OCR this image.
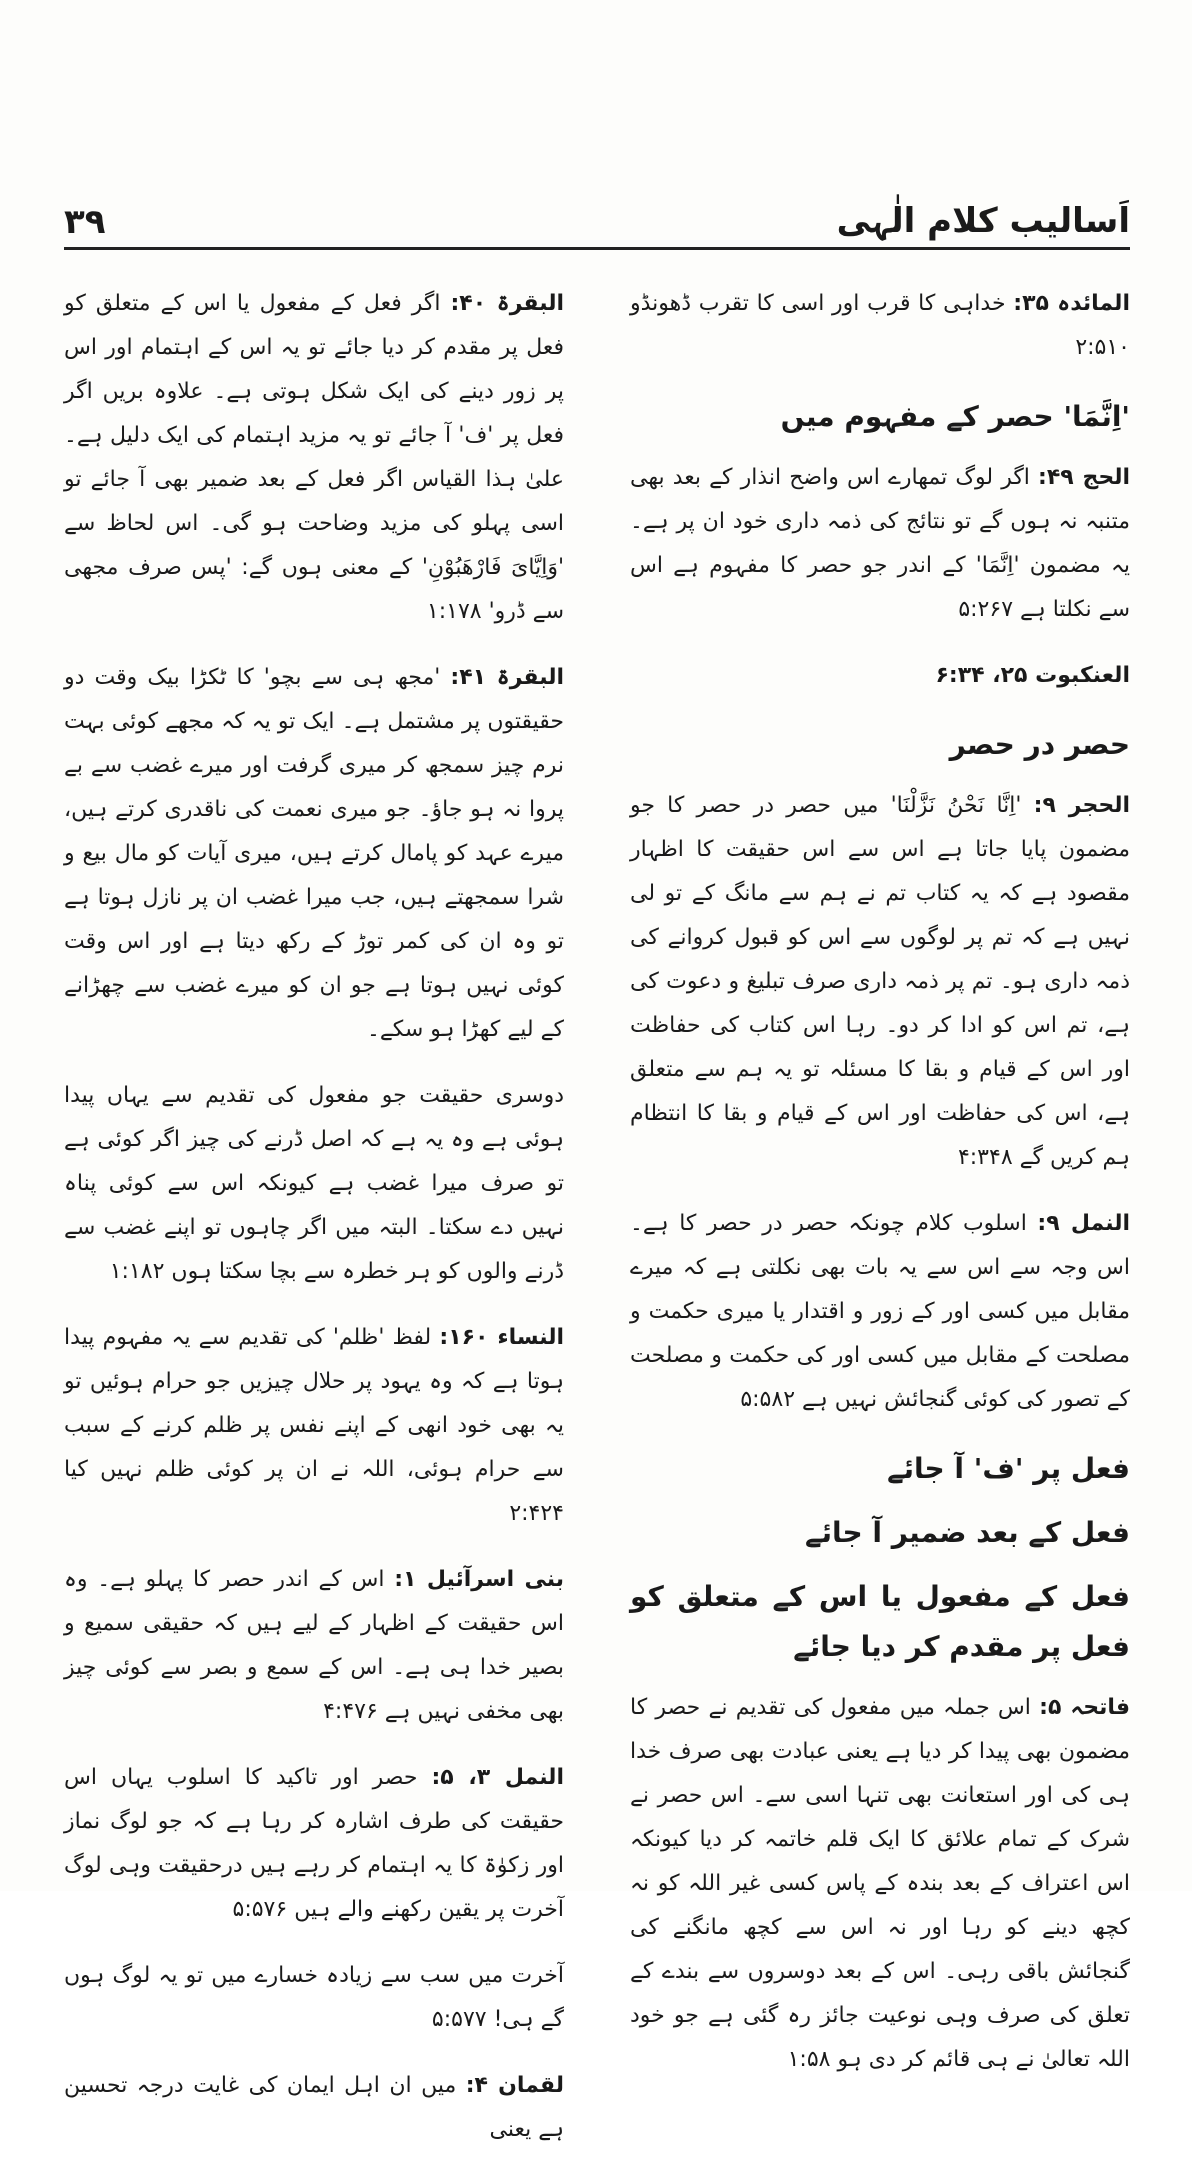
۳۹	اَسالیب کلام الٰہی

المائدہ ۳۵: خداہی کا قرب اور اسی کا تقرب ڈھونڈو ۲:۵۱۰

'اِنَّمَا' حصر کے مفہوم میں

الحج ۴۹: اگر لوگ تمھارے اس واضح انذار کے بعد بھی متنبہ نہ ہوں گے تو نتائج کی ذمہ داری خود ان پر ہے۔ یہ مضمون 'اِنَّمَا' کے اندر جو حصر کا مفہوم ہے اس سے نکلتا ہے ۵:۲۶۷

العنکبوت ۲۵، ۶:۳۴

حصر در حصر

الحجر ۹: 'اِنَّا نَحْنُ نَزَّلْنَا' میں حصر در حصر کا جو مضمون پایا جاتا ہے اس سے اس حقیقت کا اظہار مقصود ہے کہ یہ کتاب تم نے ہم سے مانگ کے تو لی نہیں ہے کہ تم پر لوگوں سے اس کو قبول کروانے کی ذمہ داری ہو۔ تم پر ذمہ داری صرف تبلیغ و دعوت کی ہے، تم اس کو ادا کر دو۔ رہا اس کتاب کی حفاظت اور اس کے قیام و بقا کا مسئلہ تو یہ ہم سے متعلق ہے، اس کی حفاظت اور اس کے قیام و بقا کا انتظام ہم کریں گے ۴:۳۴۸

النمل ۹: اسلوب کلام چونکہ حصر در حصر کا ہے۔ اس وجہ سے اس سے یہ بات بھی نکلتی ہے کہ میرے مقابل میں کسی اور کے زور و اقتدار یا میری حکمت و مصلحت کے مقابل میں کسی اور کی حکمت و مصلحت کے تصور کی کوئی گنجائش نہیں ہے ۵:۵۸۲

فعل پر 'ف' آ جائے
فعل کے بعد ضمیر آ جائے
فعل کے مفعول یا اس کے متعلق کو فعل پر مقدم کر دیا جائے

فاتحہ ۵: اس جملہ میں مفعول کی تقدیم نے حصر کا مضمون بھی پیدا کر دیا ہے یعنی عبادت بھی صرف خدا ہی کی اور استعانت بھی تنہا اسی سے۔ اس حصر نے شرک کے تمام علائق کا ایک قلم خاتمہ کر دیا کیونکہ اس اعتراف کے بعد بندہ کے پاس کسی غیر اللہ کو نہ کچھ دینے کو رہا اور نہ اس سے کچھ مانگنے کی گنجائش باقی رہی۔ اس کے بعد دوسروں سے بندے کے تعلق کی صرف وہی نوعیت جائز رہ گئی ہے جو خود اللہ تعالیٰ نے ہی قائم کر دی ہو ۱:۵۸

البقرۃ ۴۰: اگر فعل کے مفعول یا اس کے متعلق کو فعل پر مقدم کر دیا جائے تو یہ اس کے اہتمام اور اس پر زور دینے کی ایک شکل ہوتی ہے۔ علاوہ بریں اگر فعل پر 'ف' آ جائے تو یہ مزید اہتمام کی ایک دلیل ہے۔ علیٰ ہذا القیاس اگر فعل کے بعد ضمیر بھی آ جائے تو اسی پہلو کی مزید وضاحت ہو گی۔ اس لحاظ سے 'وَاِیَّایَ فَارْھَبُوْنِ' کے معنی ہوں گے: 'پس صرف مجھی سے ڈرو' ۱:۱۷۸

البقرۃ ۴۱: 'مجھ ہی سے بچو' کا ٹکڑا بیک وقت دو حقیقتوں پر مشتمل ہے۔ ایک تو یہ کہ مجھے کوئی بہت نرم چیز سمجھ کر میری گرفت اور میرے غضب سے بے پروا نہ ہو جاؤ۔ جو میری نعمت کی ناقدری کرتے ہیں، میرے عہد کو پامال کرتے ہیں، میری آیات کو مال بیع و شرا سمجھتے ہیں، جب میرا غضب ان پر نازل ہوتا ہے تو وہ ان کی کمر توڑ کے رکھ دیتا ہے اور اس وقت کوئی نہیں ہوتا ہے جو ان کو میرے غضب سے چھڑانے کے لیے کھڑا ہو سکے۔

دوسری حقیقت جو مفعول کی تقدیم سے یہاں پیدا ہوئی ہے وہ یہ ہے کہ اصل ڈرنے کی چیز اگر کوئی ہے تو صرف میرا غضب ہے کیونکہ اس سے کوئی پناہ نہیں دے سکتا۔ البتہ میں اگر چاہوں تو اپنے غضب سے ڈرنے والوں کو ہر خطرہ سے بچا سکتا ہوں ۱:۱۸۲

النساء ۱۶۰: لفظ 'ظلم' کی تقدیم سے یہ مفہوم پیدا ہوتا ہے کہ وہ یہود پر حلال چیزیں جو حرام ہوئیں تو یہ بھی خود انھی کے اپنے نفس پر ظلم کرنے کے سبب سے حرام ہوئی، اللہ نے ان پر کوئی ظلم نہیں کیا ۲:۴۲۴

بنی اسرآئیل ۱: اس کے اندر حصر کا پہلو ہے۔ وہ اس حقیقت کے اظہار کے لیے ہیں کہ حقیقی سمیع و بصیر خدا ہی ہے۔ اس کے سمع و بصر سے کوئی چیز بھی مخفی نہیں ہے ۴:۴۷۶

النمل ۳، ۵: حصر اور تاکید کا اسلوب یہاں اس حقیقت کی طرف اشارہ کر رہا ہے کہ جو لوگ نماز اور زکوٰۃ کا یہ اہتمام کر رہے ہیں درحقیقت وہی لوگ آخرت پر یقین رکھنے والے ہیں ۵:۵۷۶

آخرت میں سب سے زیادہ خسارے میں تو یہ لوگ ہوں گے ہی! ۵:۵۷۷

لقمان ۴: میں ان اہل ایمان کی غایت درجہ تحسین ہے یعنی
